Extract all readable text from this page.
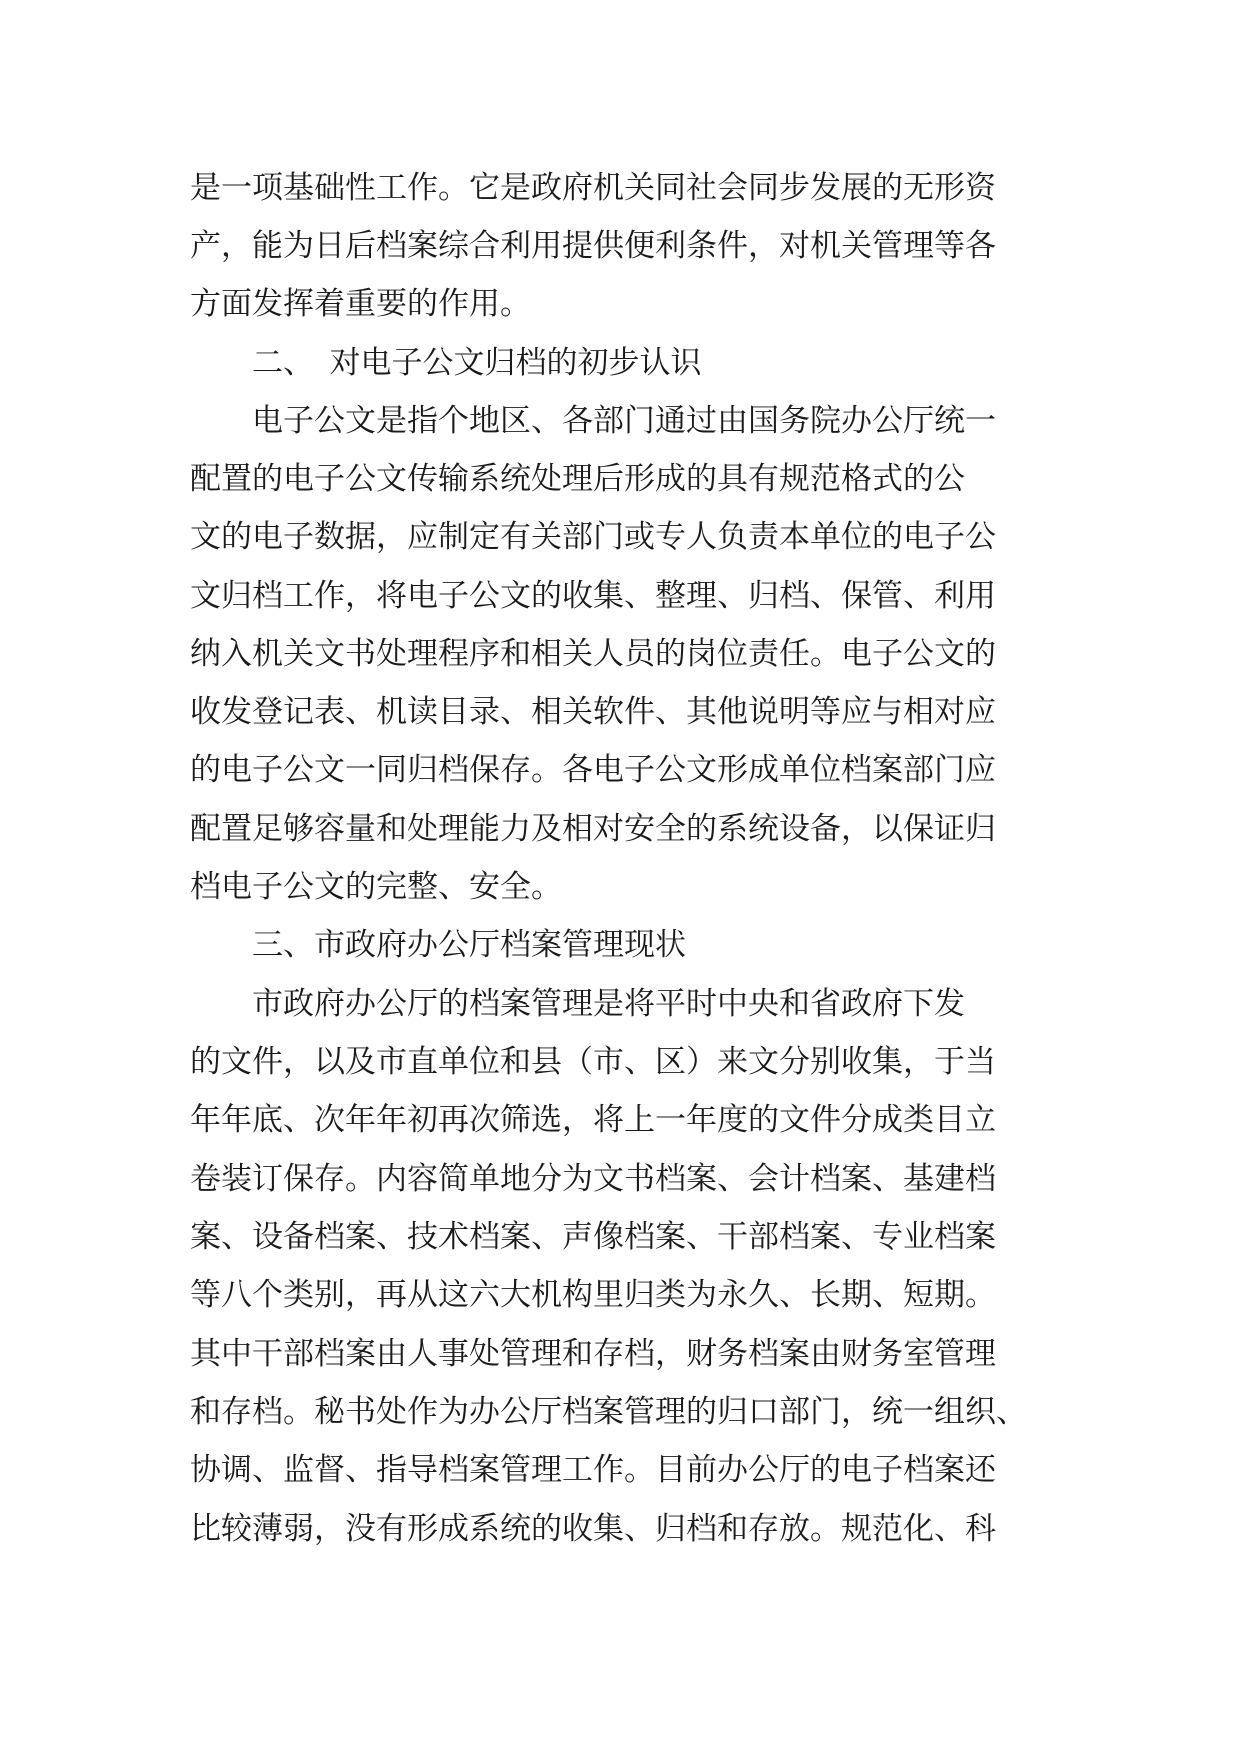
是一项基础性工作。它是政府机关同社会同步发展的无形资
产，能为日后档案综合利用提供便利条件，对机关管理等各
方面发挥着重要的作用。
二、　对电子公文归档的初步认识
电子公文是指个地区、各部门通过由国务院办公厅统一
配置的电子公文传输系统处理后形成的具有规范格式的公
文的电子数据，应制定有关部门或专人负责本单位的电子公
文归档工作，将电子公文的收集、整理、归档、保管、利用
纳入机关文书处理程序和相关人员的岗位责任。电子公文的
收发登记表、机读目录、相关软件、其他说明等应与相对应
的电子公文一同归档保存。各电子公文形成单位档案部门应
配置足够容量和处理能力及相对安全的系统设备，以保证归
档电子公文的完整、安全。
三、市政府办公厅档案管理现状
市政府办公厅的档案管理是将平时中央和省政府下发
的文件，以及市直单位和县（市、区）来文分别收集，于当
年年底、次年年初再次筛选，将上一年度的文件分成类目立
卷装订保存。内容简单地分为文书档案、会计档案、基建档
案、设备档案、技术档案、声像档案、干部档案、专业档案
等八个类别，再从这六大机构里归类为永久、长期、短期。
其中干部档案由人事处管理和存档，财务档案由财务室管理
和存档。秘书处作为办公厅档案管理的归口部门，统一组织、
协调、监督、指导档案管理工作。目前办公厅的电子档案还
比较薄弱，没有形成系统的收集、归档和存放。规范化、科
